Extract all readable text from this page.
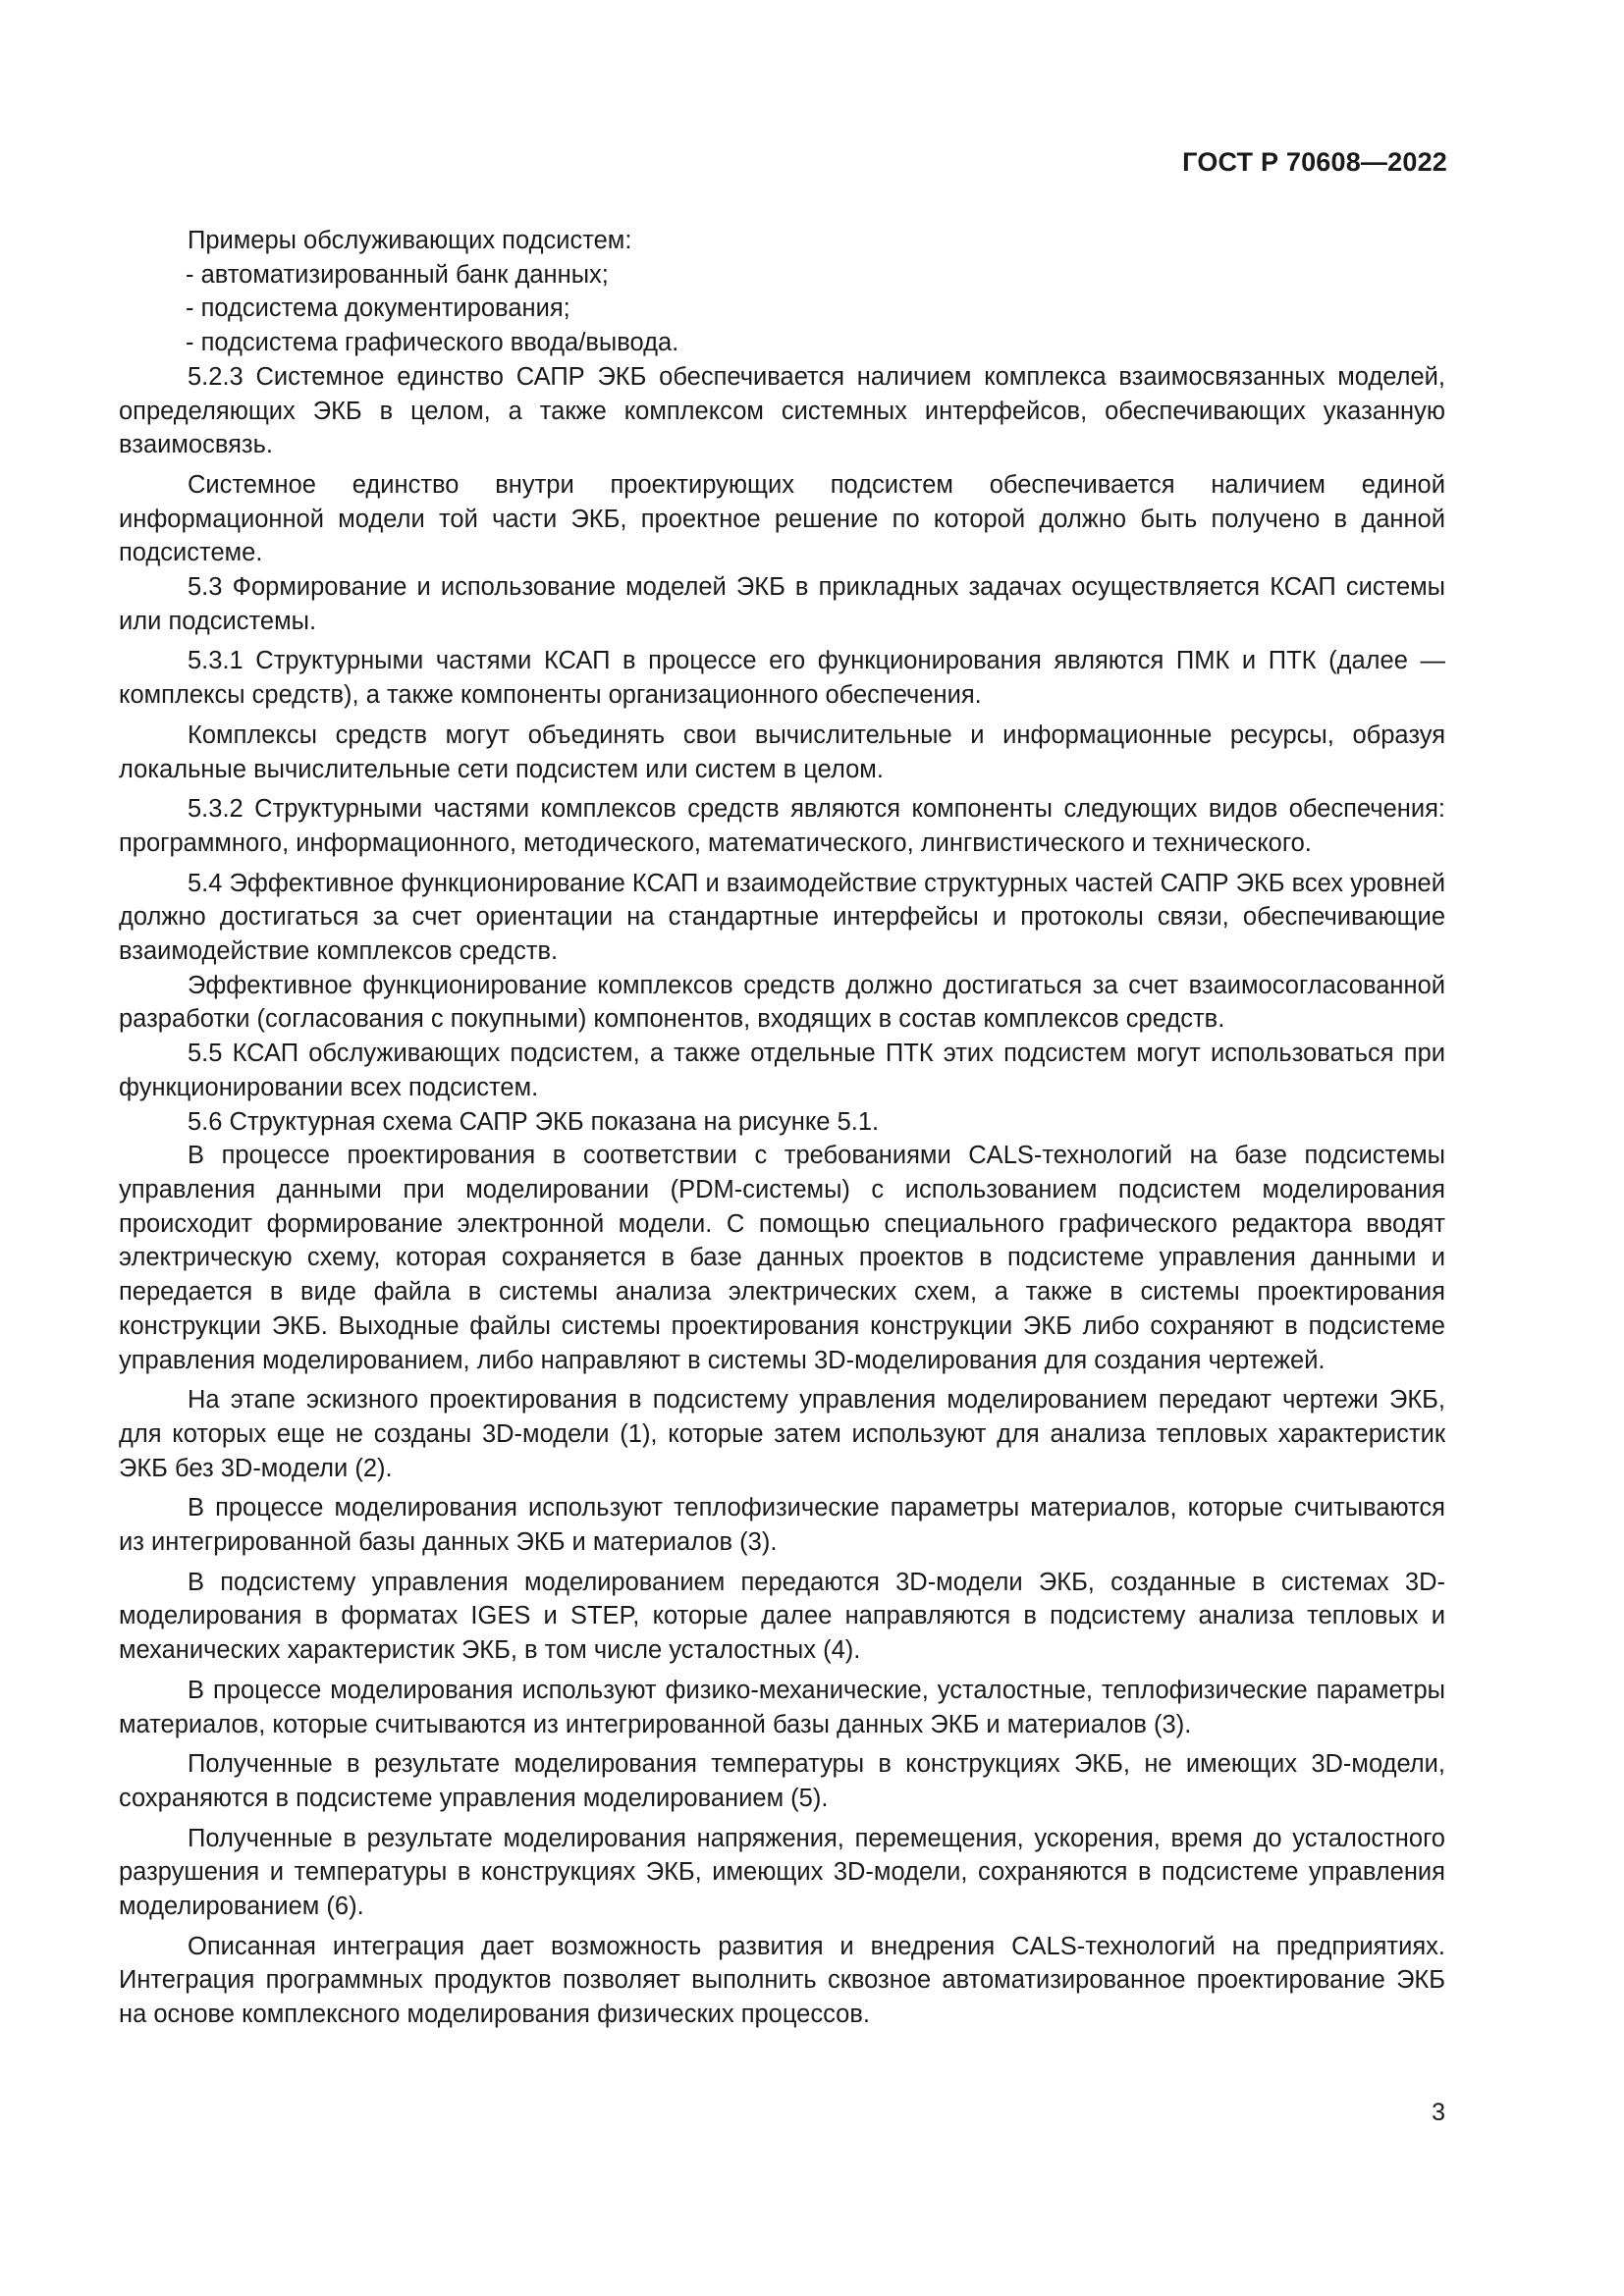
ГОСТ Р 70608—2022

Примеры обслуживающих подсистем:

- автоматизированный банк данных;

- подсистема документирования;

- подсистема графического ввода/вывода.

5.2.3 Системное единство САПР ЭКБ обеспечивается наличием комплекса взаимосвязанных моделей, определяющих ЭКБ в целом, а также комплексом системных интерфейсов, обеспечивающих указанную взаимосвязь.

Системное единство внутри проектирующих подсистем обеспечивается наличием единой информационной модели той части ЭКБ, проектное решение по которой должно быть получено в данной подсистеме.

5.3 Формирование и использование моделей ЭКБ в прикладных задачах осуществляется КСАП системы или подсистемы.

5.3.1 Структурными частями КСАП в процессе его функционирования являются ПМК и ПТК (далее — комплексы средств), а также компоненты организационного обеспечения.

Комплексы средств могут объединять свои вычислительные и информационные ресурсы, образуя локальные вычислительные сети подсистем или систем в целом.

5.3.2 Структурными частями комплексов средств являются компоненты следующих видов обеспечения: программного, информационного, методического, математического, лингвистического и технического.

5.4 Эффективное функционирование КСАП и взаимодействие структурных частей САПР ЭКБ всех уровней должно достигаться за счет ориентации на стандартные интерфейсы и протоколы связи, обеспечивающие взаимодействие комплексов средств.

Эффективное функционирование комплексов средств должно достигаться за счет взаимосогласованной разработки (согласования с покупными) компонентов, входящих в состав комплексов средств.

5.5 КСАП обслуживающих подсистем, а также отдельные ПТК этих подсистем могут использоваться при функционировании всех подсистем.

5.6 Структурная схема САПР ЭКБ показана на рисунке 5.1.

В процессе проектирования в соответствии с требованиями CALS-технологий на базе подсистемы управления данными при моделировании (PDM-системы) с использованием подсистем моделирования происходит формирование электронной модели. С помощью специального графического редактора вводят электрическую схему, которая сохраняется в базе данных проектов в подсистеме управления данными и передается в виде файла в системы анализа электрических схем, а также в системы проектирования конструкции ЭКБ. Выходные файлы системы проектирования конструкции ЭКБ либо сохраняют в подсистеме управления моделированием, либо направляют в системы 3D-моделирования для создания чертежей.

На этапе эскизного проектирования в подсистему управления моделированием передают чертежи ЭКБ, для которых еще не созданы 3D-модели (1), которые затем используют для анализа тепловых характеристик ЭКБ без 3D-модели (2).

В процессе моделирования используют теплофизические параметры материалов, которые считываются из интегрированной базы данных ЭКБ и материалов (3).

В подсистему управления моделированием передаются 3D-модели ЭКБ, созданные в системах 3D-моделирования в форматах IGES и STEP, которые далее направляются в подсистему анализа тепловых и механических характеристик ЭКБ, в том числе усталостных (4).

В процессе моделирования используют физико-механические, усталостные, теплофизические параметры материалов, которые считываются из интегрированной базы данных ЭКБ и материалов (3).

Полученные в результате моделирования температуры в конструкциях ЭКБ, не имеющих 3D-модели, сохраняются в подсистеме управления моделированием (5).

Полученные в результате моделирования напряжения, перемещения, ускорения, время до усталостного разрушения и температуры в конструкциях ЭКБ, имеющих 3D-модели, сохраняются в подсистеме управления моделированием (6).

Описанная интеграция дает возможность развития и внедрения CALS-технологий на предприятиях. Интеграция программных продуктов позволяет выполнить сквозное автоматизированное проектирование ЭКБ на основе комплексного моделирования физических процессов.

3
